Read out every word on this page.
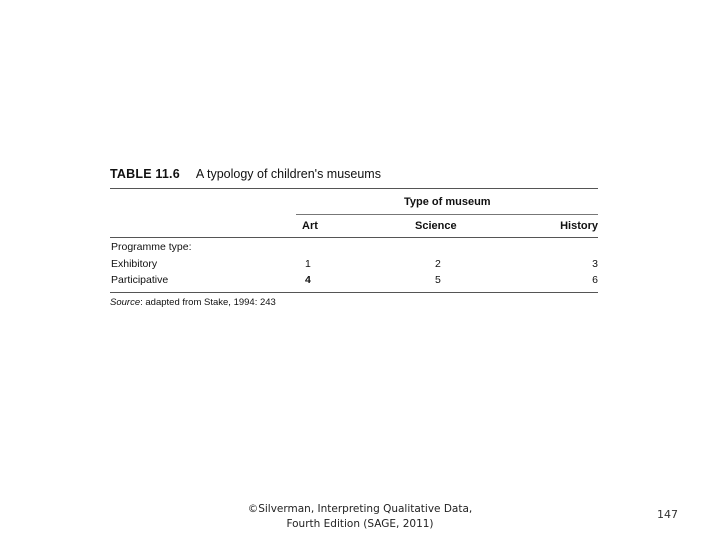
TABLE 11.6 A typology of children's museums
Type of museum
Art	Science	History
Programme type:
Exhibitory	1	2	3
Participative	4	5	6
Source: adapted from Stake, 1994: 243
©Silverman, Interpreting Qualitative Data,
Fourth Edition (SAGE, 2011)
147
